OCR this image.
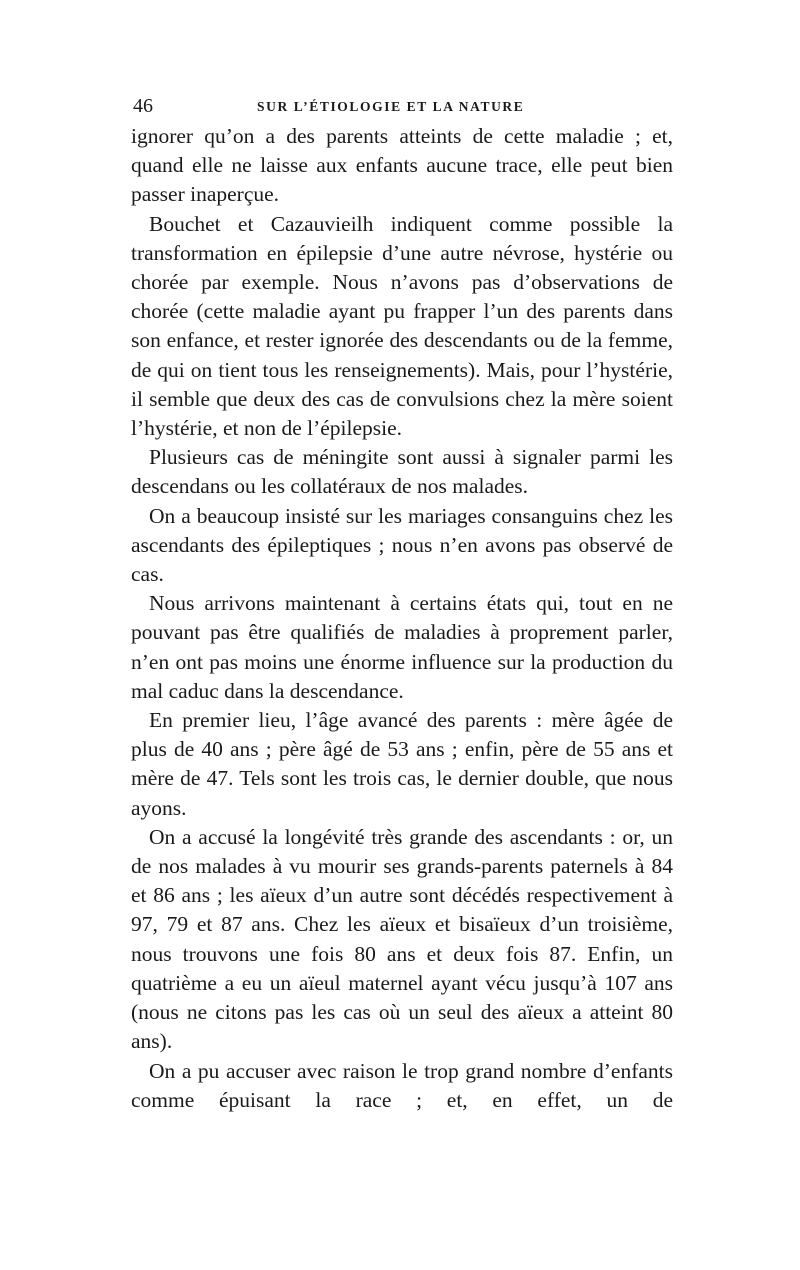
46	SUR L’ÉTIOLOGIE ET LA NATURE

ignorer qu’on a des parents atteints de cette maladie ; et, quand elle ne laisse aux enfants aucune trace, elle peut bien passer inaperçue.

Bouchet et Cazauvieilh indiquent comme possible la transformation en épilepsie d’une autre névrose, hystérie ou chorée par exemple. Nous n’avons pas d’observations de chorée (cette maladie ayant pu frapper l’un des parents dans son enfance, et rester ignorée des descendants ou de la femme, de qui on tient tous les renseignements). Mais, pour l’hystérie, il semble que deux des cas de convulsions chez la mère soient l’hystérie, et non de l’épilepsie.

Plusieurs cas de méningite sont aussi à signaler parmi les descendans ou les collatéraux de nos malades.

On a beaucoup insisté sur les mariages consanguins chez les ascendants des épileptiques ; nous n’en avons pas observé de cas.

Nous arrivons maintenant à certains états qui, tout en ne pouvant pas être qualifiés de maladies à proprement parler, n’en ont pas moins une énorme influence sur la production du mal caduc dans la descendance.

En premier lieu, l’âge avancé des parents : mère âgée de plus de 40 ans ; père âgé de 53 ans ; enfin, père de 55 ans et mère de 47. Tels sont les trois cas, le dernier double, que nous ayons.

On a accusé la longévité très grande des ascendants : or, un de nos malades à vu mourir ses grands-parents paternels à 84 et 86 ans ; les aïeux d’un autre sont décédés respectivement à 97, 79 et 87 ans. Chez les aïeux et bisaïeux d’un troisième, nous trouvons une fois 80 ans et deux fois 87. Enfin, un quatrième a eu un aïeul maternel ayant vécu jusqu’à 107 ans (nous ne citons pas les cas où un seul des aïeux a atteint 80 ans).

On a pu accuser avec raison le trop grand nombre d’enfants comme épuisant la race ; et, en effet, un de
